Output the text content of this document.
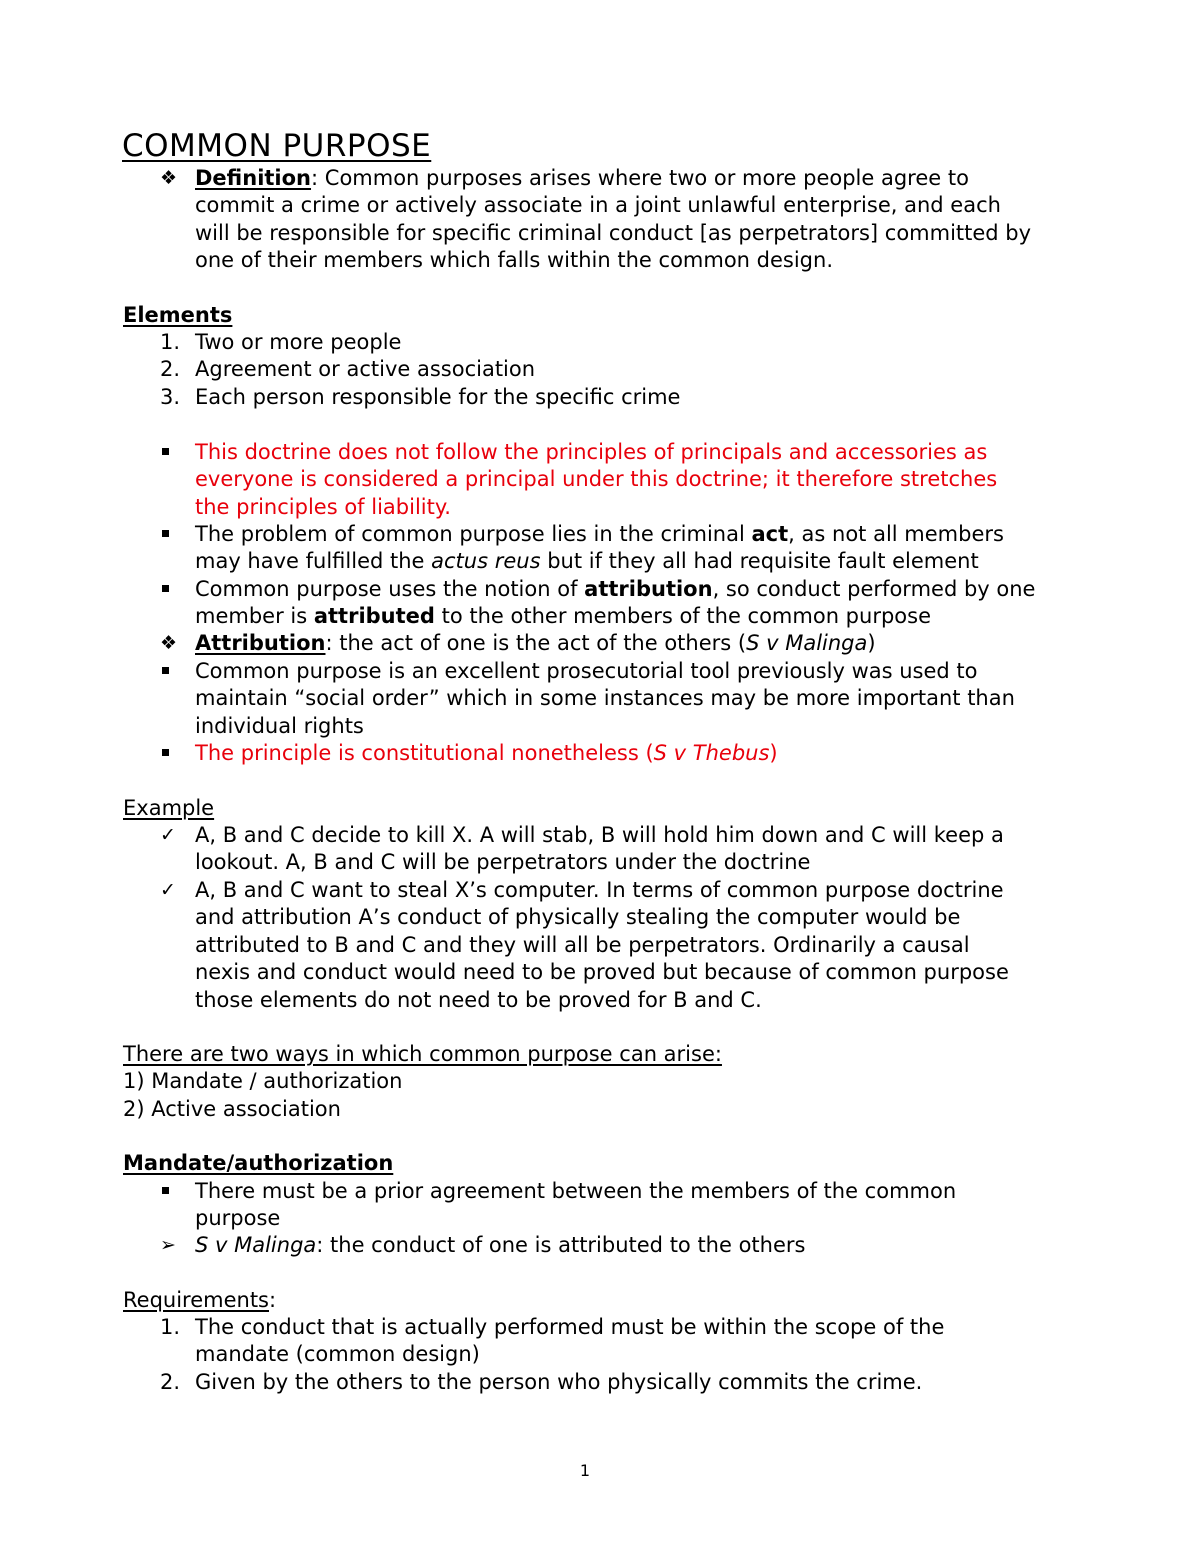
COMMON PURPOSE
❖ Definition: Common purposes arises where two or more people agree to
commit a crime or actively associate in a joint unlawful enterprise, and each
will be responsible for specific criminal conduct [as perpetrators] committed by
one of their members which falls within the common design.
Elements
1. Two or more people
2. Agreement or active association
3. Each person responsible for the specific crime
This doctrine does not follow the principles of principals and accessories as
everyone is considered a principal under this doctrine; it therefore stretches
the principles of liability.
The problem of common purpose lies in the criminal act, as not all members
may have fulfilled the actus reus but if they all had requisite fault element
Common purpose uses the notion of attribution, so conduct performed by one
member is attributed to the other members of the common purpose
❖ Attribution: the act of one is the act of the others (S v Malinga)
Common purpose is an excellent prosecutorial tool previously was used to
maintain “social order” which in some instances may be more important than
individual rights
The principle is constitutional nonetheless (S v Thebus)
Example
✓ A, B and C decide to kill X. A will stab, B will hold him down and C will keep a
lookout. A, B and C will be perpetrators under the doctrine
✓ A, B and C want to steal X’s computer. In terms of common purpose doctrine
and attribution A’s conduct of physically stealing the computer would be
attributed to B and C and they will all be perpetrators. Ordinarily a causal
nexis and conduct would need to be proved but because of common purpose
those elements do not need to be proved for B and C.
There are two ways in which common purpose can arise:
1) Mandate / authorization
2) Active association
Mandate/authorization
There must be a prior agreement between the members of the common
purpose
➢ S v Malinga: the conduct of one is attributed to the others
Requirements:
1. The conduct that is actually performed must be within the scope of the
mandate (common design)
2. Given by the others to the person who physically commits the crime.
1
